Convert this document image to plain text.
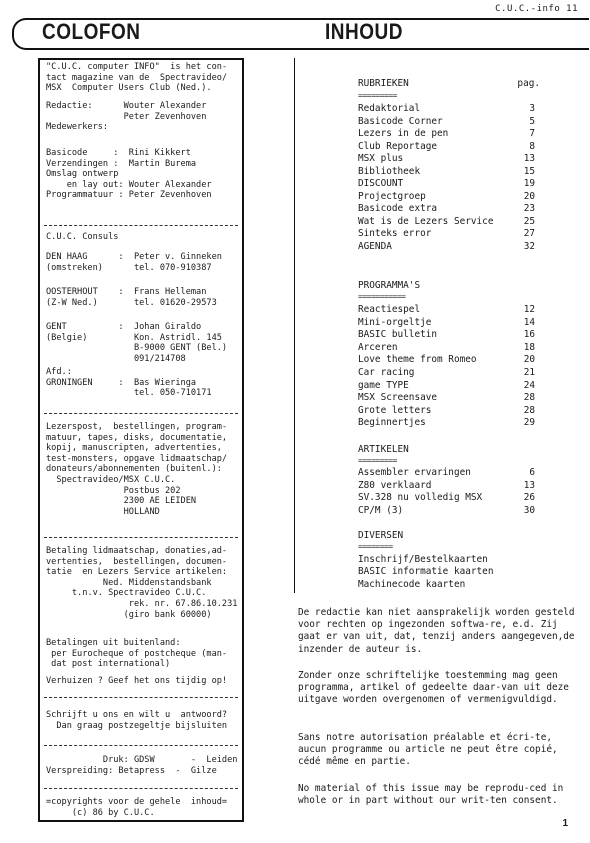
C.U.C.-info 11
COLOFON	INHOUD
"C.U.C. computer INFO"  is het con-
tact magazine van de  Spectravideo/
MSX  Computer Users Club (Ned.).
Redactie:      Wouter Alexander
Peter Zevenhoven
Medewerkers:
Basicode     :  Rini Kikkert
Verzendingen :  Martin Burema
Omslag ontwerp
en lay out: Wouter Alexander
Programmatuur : Peter Zevenhoven
C.U.C. Consuls
DEN HAAG      :  Peter v. Ginneken
(omstreken)      tel. 070-910387
OOSTERHOUT    :  Frans Helleman
(Z-W Ned.)       tel. 01620-29573
GENT          :  Johan Giraldo
(Belgie)         Kon. Astridl. 145
B-9000 GENT (Bel.)
091/214708
Afd.:
GRONINGEN     :  Bas Wieringa
tel. 050-710171
Lezerspost,  bestellingen, program-
matuur, tapes, disks, documentatie,
kopij, manuscripten, advertenties,
test-monsters, opgave lidmaatschap/
donateurs/abonnementen (buitenl.):
Spectravideo/MSX C.U.C.
Postbus 202
2300 AE LEIDEN
HOLLAND
Betaling lidmaatschap, donaties,ad-
vertenties,  bestellingen, documen-
tatie  en Lezers Service artikelen:
Ned. Middenstandsbank
t.n.v. Spectravideo C.U.C.
rek. nr. 67.86.10.231
(giro bank 60000)
Betalingen uit buitenland:
per Eurocheque of postcheque (man-
dat post international)
Verhuizen ? Geef het ons tijdig op!
Schrijft u ons en wilt u  antwoord?
Dan graag postzegeltje bijsluiten
Druk: GDSW       -  Leiden
Verspreiding: Betapress  -  Gilze
=copyrights voor de gehele  inhoud=
(c) 86 by C.U.C.
RUBRIEKEN	pag.
=========
Redaktorial	3
Basicode Corner	5
Lezers in de pen	7
Club Reportage	8
MSX plus	13
Bibliotheek	15
DISCOUNT	19
Projectgroep	20
Basicode extra	23
Wat is de Lezers Service	25
Sinteks error	27
AGENDA	32
PROGRAMMA'S
===========
Reactiespel	12
Mini-orgeltje	14
BASIC bulletin	16
Arceren	18
Love theme from Romeo	20
Car racing	21
game TYPE	24
MSX Screensave	28
Grote letters	28
Beginnertjes	29
ARTIKELEN
=========
Assembler ervaringen	6
Z80 verklaard	13
SV.328 nu volledig MSX	26
CP/M (3)	30
DIVERSEN
========
Inschrijf/Bestelkaarten
BASIC informatie kaarten
Machinecode kaarten
De redactie kan niet aansprakelijk worden gesteld voor rechten op ingezonden softwa-re, e.d. Zij gaat er van uit, dat, tenzij anders aangegeven,de inzender de auteur is.
Zonder onze schriftelijke toestemming mag geen programma, artikel of gedeelte daar-van uit deze uitgave worden overgenomen of vermenigvuldigd.
Sans notre autorisation préalable et écri-te, aucun programme ou article ne peut être copié, cédé même en partie.
No material of this issue may be reprodu-ced in whole or in part without our writ-ten consent.
1
